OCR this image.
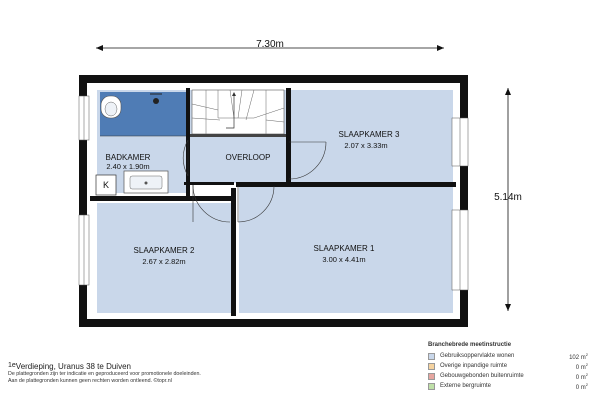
7.30m
5.14m
K
BADKAMER
2.40 x 1.90m
OVERLOOP
SLAAPKAMER 3
2.07 x 3.33m
SLAAPKAMER 2
2.67 x 2.82m
SLAAPKAMER 1
3.00 x 4.41m
1eVerdieping, Uranus 38 te Duiven
De plattegronden zijn ter indicatie en geproduceerd voor promotionele doeleinden.
Aan de plattegronden kunnen geen rechten worden ontleend. ©topr.nl
Branchebrede meetinstructie
Gebruiksoppervlakte wonen	102 $m^2$
Overige inpandige ruimte	0 $m^2$
Gebouwgebonden buitenruimte	0 $m^2$
Externe bergruimte	0 $m^2$
